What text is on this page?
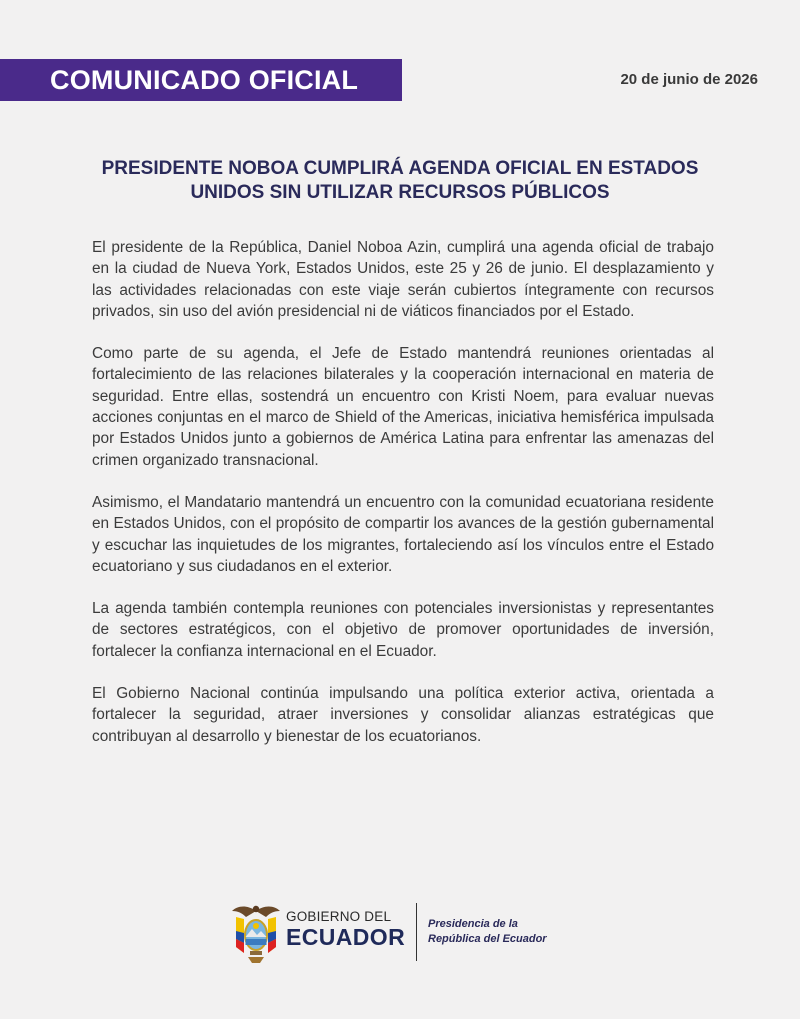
COMUNICADO OFICIAL	20 de junio de 2026
PRESIDENTE NOBOA CUMPLIRÁ AGENDA OFICIAL EN ESTADOS
UNIDOS SIN UTILIZAR RECURSOS PÚBLICOS

El presidente de la República, Daniel Noboa Azin, cumplirá una agenda oficial de trabajo en la ciudad de Nueva York, Estados Unidos, este 25 y 26 de junio. El desplazamiento y las actividades relacionadas con este viaje serán cubiertos íntegramente con recursos privados, sin uso del avión presidencial ni de viáticos financiados por el Estado.

Como parte de su agenda, el Jefe de Estado mantendrá reuniones orientadas al fortalecimiento de las relaciones bilaterales y la cooperación internacional en materia de seguridad. Entre ellas, sostendrá un encuentro con Kristi Noem, para evaluar nuevas acciones conjuntas en el marco de Shield of the Americas, iniciativa hemisférica impulsada por Estados Unidos junto a gobiernos de América Latina para enfrentar las amenazas del crimen organizado transnacional.

Asimismo, el Mandatario mantendrá un encuentro con la comunidad ecuatoriana residente en Estados Unidos, con el propósito de compartir los avances de la gestión gubernamental y escuchar las inquietudes de los migrantes, fortaleciendo así los vínculos entre el Estado ecuatoriano y sus ciudadanos en el exterior.

La agenda también contempla reuniones con potenciales inversionistas y representantes de sectores estratégicos, con el objetivo de promover oportunidades de inversión, fortalecer la confianza internacional en el Ecuador.

El Gobierno Nacional continúa impulsando una política exterior activa, orientada a fortalecer la seguridad, atraer inversiones y consolidar alianzas estratégicas que contribuyan al desarrollo y bienestar de los ecuatorianos.

GOBIERNO DEL
ECUADOR	Presidencia de la
República del Ecuador
